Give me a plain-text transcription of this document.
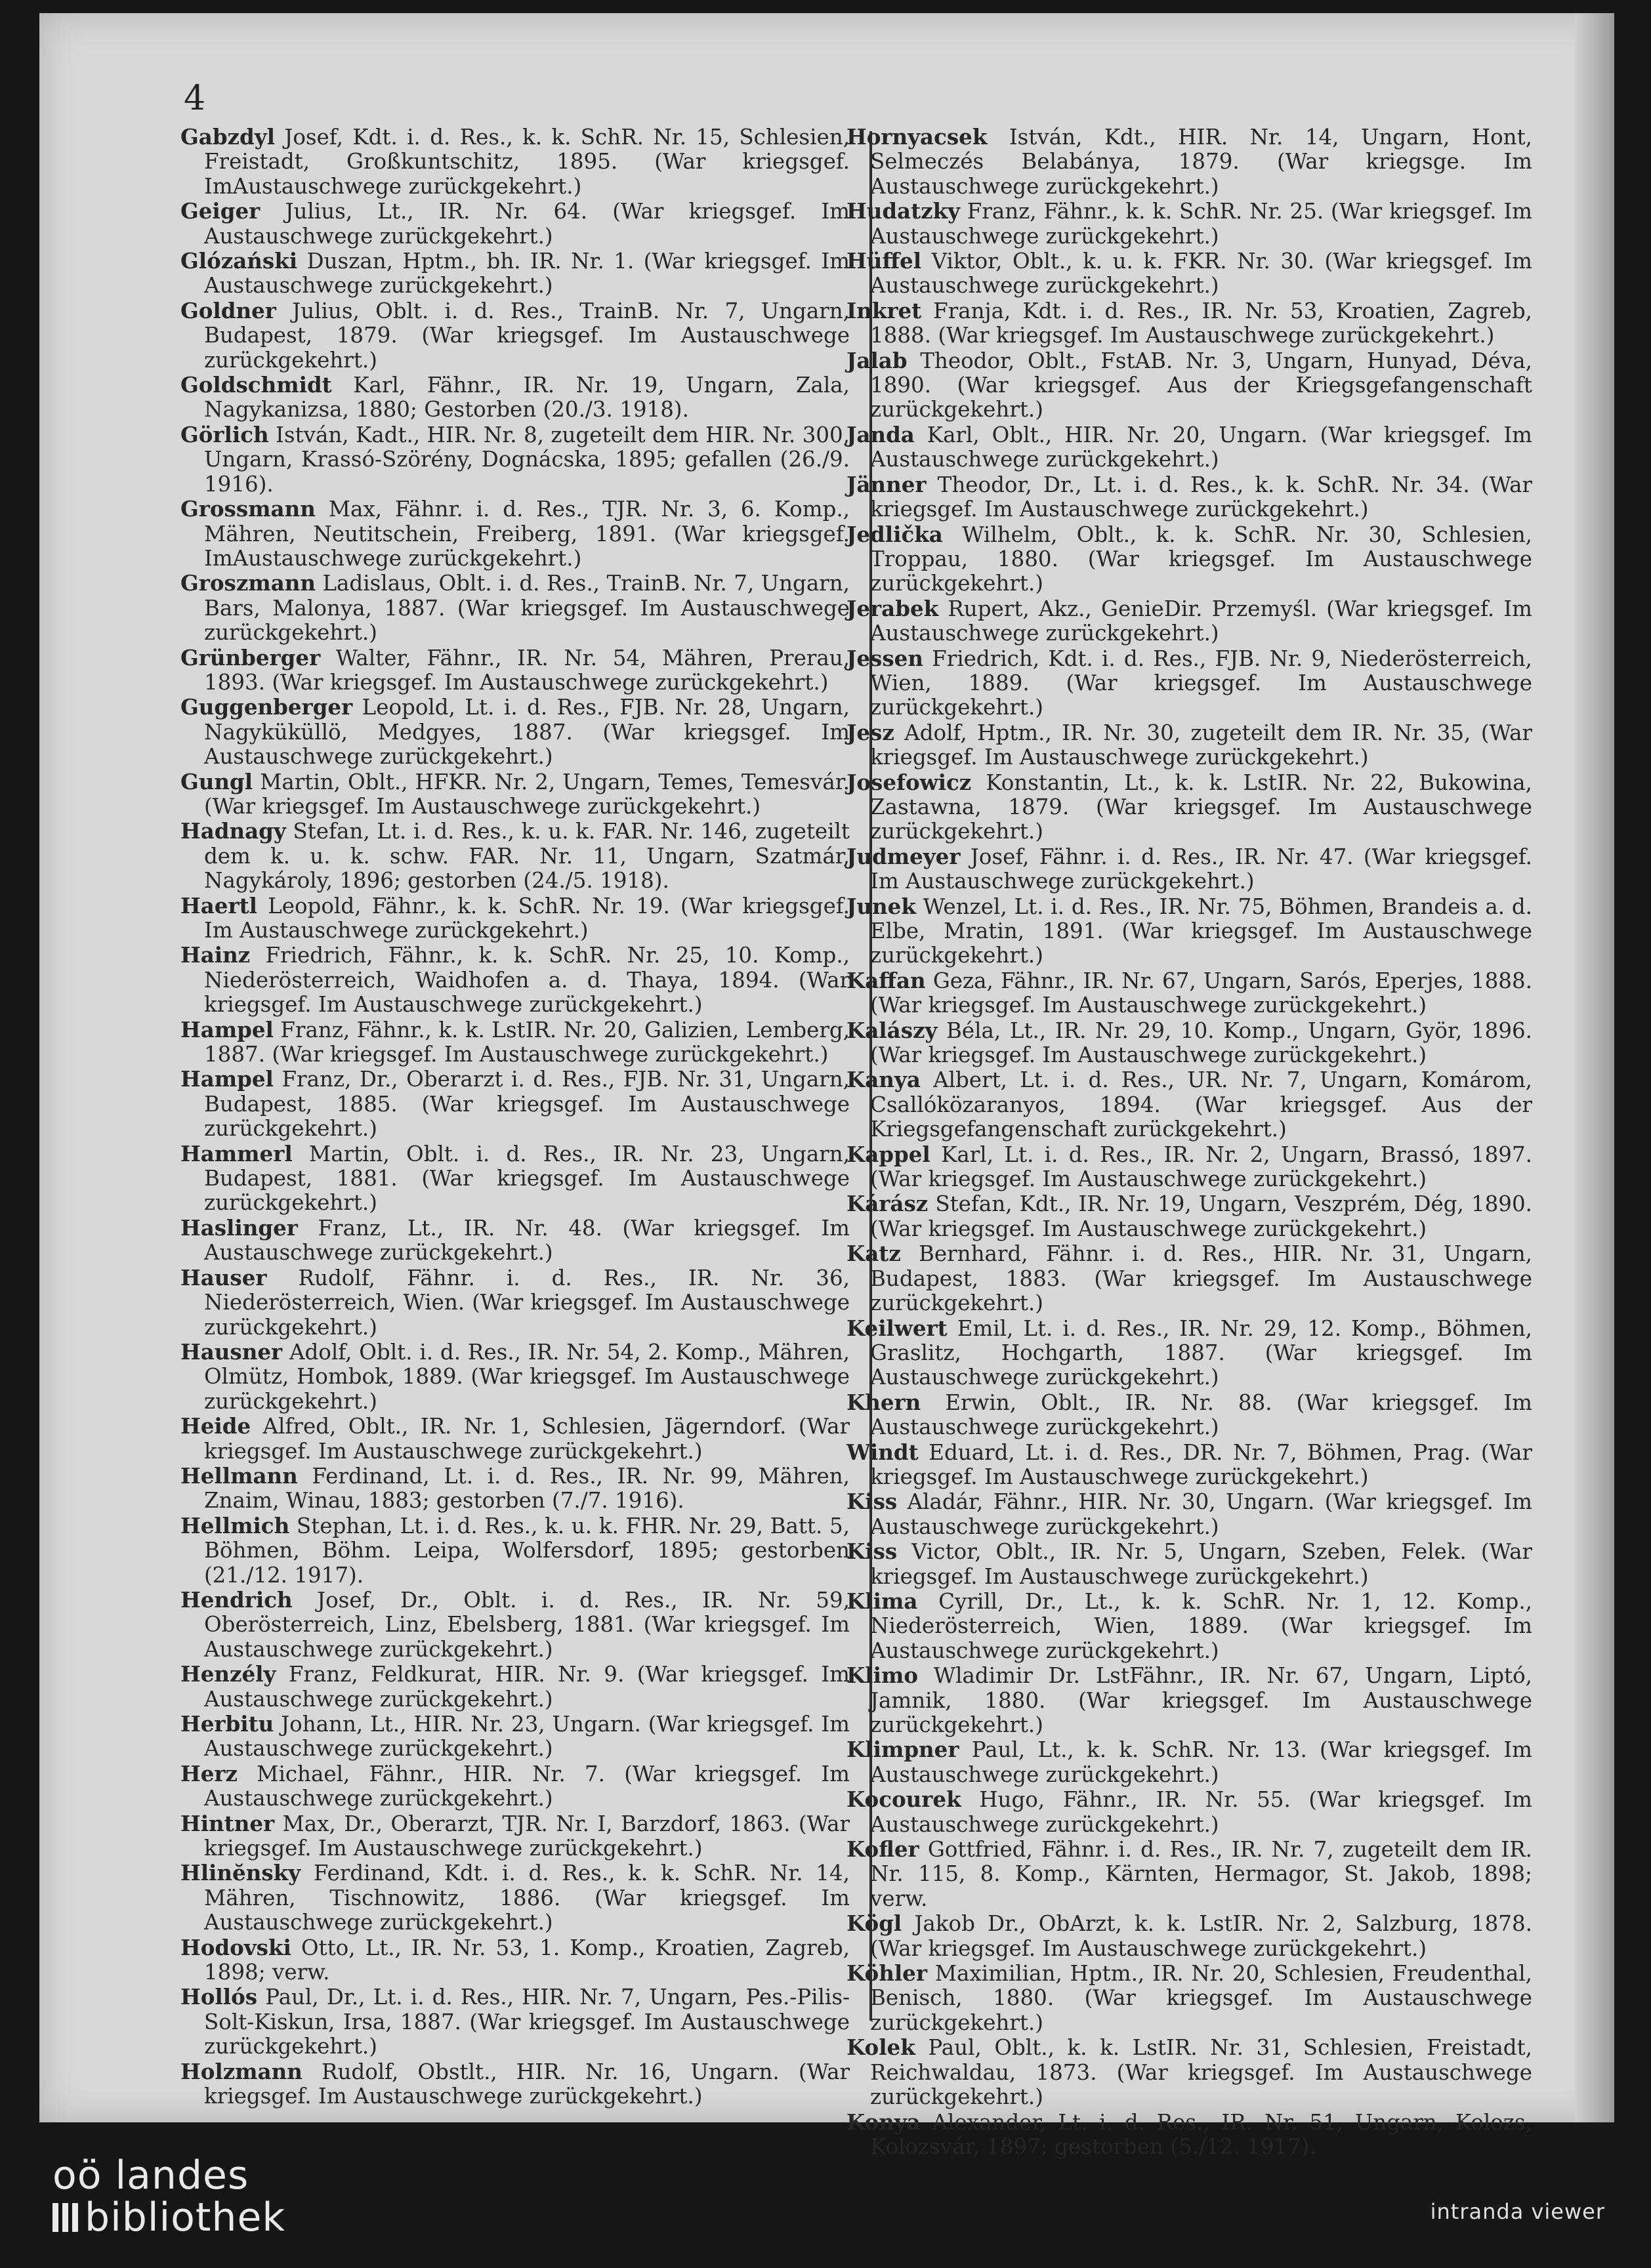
4
Gabzdyl Josef, Kdt. i. d. Res., k. k. SchR. Nr. 15, Schlesien, Freistadt, Großkuntschitz, 1895. (War kriegsgef. ImAustauschwege zurückgekehrt.)
Geiger Julius, Lt., IR. Nr. 64. (War kriegsgef. Im Austauschwege zurückgekehrt.)
Glózański Duszan, Hptm., bh. IR. Nr. 1. (War kriegsgef. Im Austauschwege zurückgekehrt.)
Goldner Julius, Oblt. i. d. Res., TrainB. Nr. 7, Ungarn, Budapest, 1879. (War kriegsgef. Im Austauschwege zurückgekehrt.)
Goldschmidt Karl, Fähnr., IR. Nr. 19, Ungarn, Zala, Nagykanizsa, 1880; Gestorben (20./3. 1918).
Görlich István, Kadt., HIR. Nr. 8, zugeteilt dem HIR. Nr. 300, Ungarn, Krassó-Szörény, Dognácska, 1895; gefallen (26./9. 1916).
Grossmann Max, Fähnr. i. d. Res., TJR. Nr. 3, 6. Komp., Mähren, Neutitschein, Freiberg, 1891. (War kriegsgef. ImAustauschwege zurückgekehrt.)
Groszmann Ladislaus, Oblt. i. d. Res., TrainB. Nr. 7, Ungarn, Bars, Malonya, 1887. (War kriegsgef. Im Austauschwege zurückgekehrt.)
Grünberger Walter, Fähnr., IR. Nr. 54, Mähren, Prerau, 1893. (War kriegsgef. Im Austauschwege zurückgekehrt.)
Guggenberger Leopold, Lt. i. d. Res., FJB. Nr. 28, Ungarn, Nagyküküllö, Medgyes, 1887. (War kriegsgef. Im Austauschwege zurückgekehrt.)
Gungl Martin, Oblt., HFKR. Nr. 2, Ungarn, Temes, Temesvár. (War kriegsgef. Im Austauschwege zurückgekehrt.)
Hadnagy Stefan, Lt. i. d. Res., k. u. k. FAR. Nr. 146, zugeteilt dem k. u. k. schw. FAR. Nr. 11, Ungarn, Szatmár, Nagykároly, 1896; gestorben (24./5. 1918).
Haertl Leopold, Fähnr., k. k. SchR. Nr. 19. (War kriegsgef. Im Austauschwege zurückgekehrt.)
Hainz Friedrich, Fähnr., k. k. SchR. Nr. 25, 10. Komp., Niederösterreich, Waidhofen a. d. Thaya, 1894. (War kriegsgef. Im Austauschwege zurückgekehrt.)
Hampel Franz, Fähnr., k. k. LstIR. Nr. 20, Galizien, Lemberg, 1887. (War kriegsgef. Im Austauschwege zurückgekehrt.)
Hampel Franz, Dr., Oberarzt i. d. Res., FJB. Nr. 31, Ungarn, Budapest, 1885. (War kriegsgef. Im Austauschwege zurückgekehrt.)
Hammerl Martin, Oblt. i. d. Res., IR. Nr. 23, Ungarn, Budapest, 1881. (War kriegsgef. Im Austauschwege zurückgekehrt.)
Haslinger Franz, Lt., IR. Nr. 48. (War kriegsgef. Im Austauschwege zurückgekehrt.)
Hauser Rudolf, Fähnr. i. d. Res., IR. Nr. 36, Niederösterreich, Wien. (War kriegsgef. Im Austauschwege zurückgekehrt.)
Hausner Adolf, Oblt. i. d. Res., IR. Nr. 54, 2. Komp., Mähren, Olmütz, Hombok, 1889. (War kriegsgef. Im Austauschwege zurückgekehrt.)
Heide Alfred, Oblt., IR. Nr. 1, Schlesien, Jägerndorf. (War kriegsgef. Im Austauschwege zurückgekehrt.)
Hellmann Ferdinand, Lt. i. d. Res., IR. Nr. 99, Mähren, Znaim, Winau, 1883; gestorben (7./7. 1916).
Hellmich Stephan, Lt. i. d. Res., k. u. k. FHR. Nr. 29, Batt. 5, Böhmen, Böhm. Leipa, Wolfersdorf, 1895; gestorben (21./12. 1917).
Hendrich Josef, Dr., Oblt. i. d. Res., IR. Nr. 59, Oberösterreich, Linz, Ebelsberg, 1881. (War kriegsgef. Im Austauschwege zurückgekehrt.)
Henzély Franz, Feldkurat, HIR. Nr. 9. (War kriegsgef. Im Austauschwege zurückgekehrt.)
Herbitu Johann, Lt., HIR. Nr. 23, Ungarn. (War kriegsgef. Im Austauschwege zurückgekehrt.)
Herz Michael, Fähnr., HIR. Nr. 7. (War kriegsgef. Im Austauschwege zurückgekehrt.)
Hintner Max, Dr., Oberarzt, TJR. Nr. I, Barzdorf, 1863. (War kriegsgef. Im Austauschwege zurückgekehrt.)
Hlinĕnsky Ferdinand, Kdt. i. d. Res., k. k. SchR. Nr. 14, Mähren, Tischnowitz, 1886. (War kriegsgef. Im Austauschwege zurückgekehrt.)
Hodovski Otto, Lt., IR. Nr. 53, 1. Komp., Kroatien, Zagreb, 1898; verw.
Hollós Paul, Dr., Lt. i. d. Res., HIR. Nr. 7, Ungarn, Pes.-Pilis-Solt-Kiskun, Irsa, 1887. (War kriegsgef. Im Austauschwege zurückgekehrt.)
Holzmann Rudolf, Obstlt., HIR. Nr. 16, Ungarn. (War kriegsgef. Im Austauschwege zurückgekehrt.)
Hornyacsek István, Kdt., HIR. Nr. 14, Ungarn, Hont, Selmeczés Belabánya, 1879. (War kriegsge. Im Austauschwege zurückgekehrt.)
Hudatzky Franz, Fähnr., k. k. SchR. Nr. 25. (War kriegsgef. Im Austauschwege zurückgekehrt.)
Hüffel Viktor, Oblt., k. u. k. FKR. Nr. 30. (War kriegsgef. Im Austauschwege zurückgekehrt.)
Inkret Franja, Kdt. i. d. Res., IR. Nr. 53, Kroatien, Zagreb, 1888. (War kriegsgef. Im Austauschwege zurückgekehrt.)
Jalab Theodor, Oblt., FstAB. Nr. 3, Ungarn, Hunyad, Déva, 1890. (War kriegsgef. Aus der Kriegsgefangenschaft zurückgekehrt.)
Janda Karl, Oblt., HIR. Nr. 20, Ungarn. (War kriegsgef. Im Austauschwege zurückgekehrt.)
Jänner Theodor, Dr., Lt. i. d. Res., k. k. SchR. Nr. 34. (War kriegsgef. Im Austauschwege zurückgekehrt.)
Jedlička Wilhelm, Oblt., k. k. SchR. Nr. 30, Schlesien, Troppau, 1880. (War kriegsgef. Im Austauschwege zurückgekehrt.)
Jerabek Rupert, Akz., GenieDir. Przemyśl. (War kriegsgef. Im Austauschwege zurückgekehrt.)
Jessen Friedrich, Kdt. i. d. Res., FJB. Nr. 9, Niederösterreich, Wien, 1889. (War kriegsgef. Im Austauschwege zurückgekehrt.)
Jesz Adolf, Hptm., IR. Nr. 30, zugeteilt dem IR. Nr. 35, (War kriegsgef. Im Austauschwege zurückgekehrt.)
Josefowicz Konstantin, Lt., k. k. LstIR. Nr. 22, Bukowina, Zastawna, 1879. (War kriegsgef. Im Austauschwege zurückgekehrt.)
Judmeyer Josef, Fähnr. i. d. Res., IR. Nr. 47. (War kriegsgef. Im Austauschwege zurückgekehrt.)
Junek Wenzel, Lt. i. d. Res., IR. Nr. 75, Böhmen, Brandeis a. d. Elbe, Mratin, 1891. (War kriegsgef. Im Austauschwege zurückgekehrt.)
Kaffan Geza, Fähnr., IR. Nr. 67, Ungarn, Sarós, Eperjes, 1888. (War kriegsgef. Im Austauschwege zurückgekehrt.)
Kalászy Béla, Lt., IR. Nr. 29, 10. Komp., Ungarn, Györ, 1896. (War kriegsgef. Im Austauschwege zurückgekehrt.)
Kanya Albert, Lt. i. d. Res., UR. Nr. 7, Ungarn, Komárom, Csallóközaranyos, 1894. (War kriegsgef. Aus der Kriegsgefangenschaft zurückgekehrt.)
Kappel Karl, Lt. i. d. Res., IR. Nr. 2, Ungarn, Brassó, 1897. (War kriegsgef. Im Austauschwege zurückgekehrt.)
Kárász Stefan, Kdt., IR. Nr. 19, Ungarn, Veszprém, Dég, 1890. (War kriegsgef. Im Austauschwege zurückgekehrt.)
Katz Bernhard, Fähnr. i. d. Res., HIR. Nr. 31, Ungarn, Budapest, 1883. (War kriegsgef. Im Austauschwege zurückgekehrt.)
Keilwert Emil, Lt. i. d. Res., IR. Nr. 29, 12. Komp., Böhmen, Graslitz, Hochgarth, 1887. (War kriegsgef. Im Austauschwege zurückgekehrt.)
Khern Erwin, Oblt., IR. Nr. 88. (War kriegsgef. Im Austauschwege zurückgekehrt.)
Windt Eduard, Lt. i. d. Res., DR. Nr. 7, Böhmen, Prag. (War kriegsgef. Im Austauschwege zurückgekehrt.)
Kiss Aladár, Fähnr., HIR. Nr. 30, Ungarn. (War kriegsgef. Im Austauschwege zurückgekehrt.)
Kiss Victor, Oblt., IR. Nr. 5, Ungarn, Szeben, Felek. (War kriegsgef. Im Austauschwege zurückgekehrt.)
Klima Cyrill, Dr., Lt., k. k. SchR. Nr. 1, 12. Komp., Niederösterreich, Wien, 1889. (War kriegsgef. Im Austauschwege zurückgekehrt.)
Klimo Wladimir Dr. LstFähnr., IR. Nr. 67, Ungarn, Liptó, Jamnik, 1880. (War kriegsgef. Im Austauschwege zurückgekehrt.)
Klimpner Paul, Lt., k. k. SchR. Nr. 13. (War kriegsgef. Im Austauschwege zurückgekehrt.)
Kocourek Hugo, Fähnr., IR. Nr. 55. (War kriegsgef. Im Austauschwege zurückgekehrt.)
Kofler Gottfried, Fähnr. i. d. Res., IR. Nr. 7, zugeteilt dem IR. Nr. 115, 8. Komp., Kärnten, Hermagor, St. Jakob, 1898; verw.
Kögl Jakob Dr., ObArzt, k. k. LstIR. Nr. 2, Salzburg, 1878. (War kriegsgef. Im Austauschwege zurückgekehrt.)
Köhler Maximilian, Hptm., IR. Nr. 20, Schlesien, Freudenthal, Benisch, 1880. (War kriegsgef. Im Austauschwege zurückgekehrt.)
Kolek Paul, Oblt., k. k. LstIR. Nr. 31, Schlesien, Freistadt, Reichwaldau, 1873. (War kriegsgef. Im Austauschwege zurückgekehrt.)
Konya Alexander, Lt. i. d. Res., IR. Nr. 51, Ungarn, Kolozs, Kolozsvár, 1897; gestorben (5./12. 1917).
oö landes
bibliothek	intranda viewer
